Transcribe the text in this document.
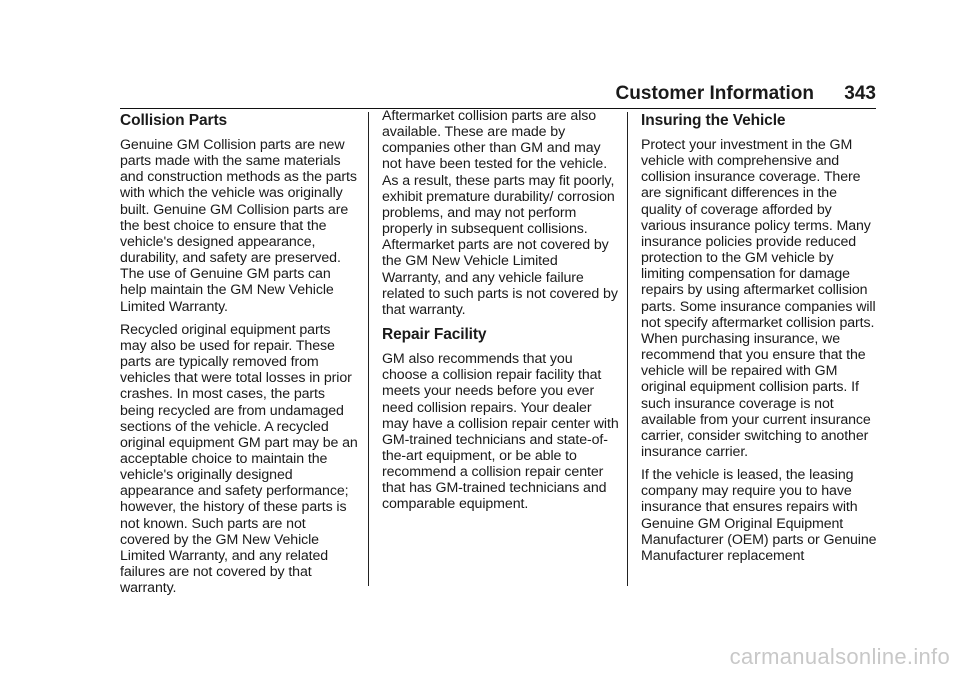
Customer Information 343
Collision Parts

Genuine GM Collision parts are new parts made with the same materials and construction methods as the parts with which the vehicle was originally built. Genuine GM Collision parts are the best choice to ensure that the vehicle's designed appearance, durability, and safety are preserved. The use of Genuine GM parts can help maintain the GM New Vehicle Limited Warranty.

Recycled original equipment parts may also be used for repair. These parts are typically removed from vehicles that were total losses in prior crashes. In most cases, the parts being recycled are from undamaged sections of the vehicle. A recycled original equipment GM part may be an acceptable choice to maintain the vehicle's originally designed appearance and safety performance; however, the history of these parts is not known. Such parts are not covered by the GM New Vehicle Limited Warranty, and any related failures are not covered by that warranty.

Aftermarket collision parts are also available. These are made by companies other than GM and may not have been tested for the vehicle. As a result, these parts may fit poorly, exhibit premature durability/ corrosion problems, and may not perform properly in subsequent collisions. Aftermarket parts are not covered by the GM New Vehicle Limited Warranty, and any vehicle failure related to such parts is not covered by that warranty.

Repair Facility

GM also recommends that you choose a collision repair facility that meets your needs before you ever need collision repairs. Your dealer may have a collision repair center with GM-trained technicians and state-of-the-art equipment, or be able to recommend a collision repair center that has GM-trained technicians and comparable equipment.

Insuring the Vehicle

Protect your investment in the GM vehicle with comprehensive and collision insurance coverage. There are significant differences in the quality of coverage afforded by various insurance policy terms. Many insurance policies provide reduced protection to the GM vehicle by limiting compensation for damage repairs by using aftermarket collision parts. Some insurance companies will not specify aftermarket collision parts. When purchasing insurance, we recommend that you ensure that the vehicle will be repaired with GM original equipment collision parts. If such insurance coverage is not available from your current insurance carrier, consider switching to another insurance carrier.

If the vehicle is leased, the leasing company may require you to have insurance that ensures repairs with Genuine GM Original Equipment Manufacturer (OEM) parts or Genuine Manufacturer replacement

carmanualsonline.info
